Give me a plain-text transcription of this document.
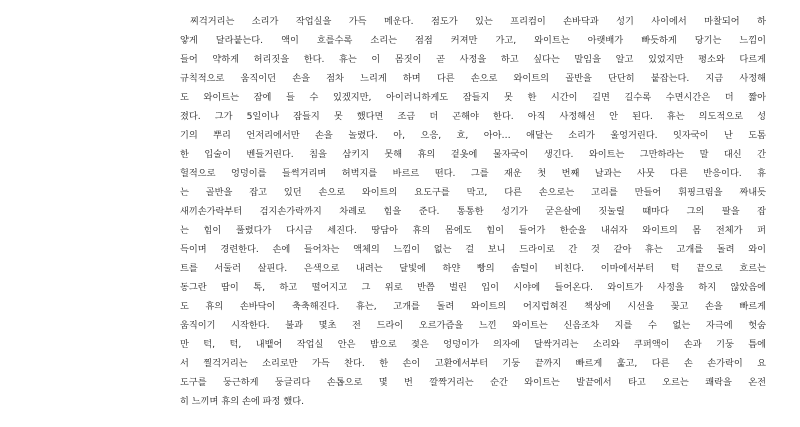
찌걱거리는 소리가 작업실을 가득 메운다. 점도가 있는 프리컴이 손바닥과 성기 사이에서 마찰되어 하
얗게 달라붙는다. 액이 흐를수록 소리는 점점 커져만 가고, 와이트는 아랫배가 빠듯하게 당기는 느낌이
들어 약하게 허리짓을 한다. 휴는 이 몸짓이 곧 사정을 하고 싶다는 말임을 알고 있었지만 평소와 다르게
규칙적으로 움직이던 손을 점차 느리게 하며 다른 손으로 와이트의 골반을 단단히 붙잡는다. 지금 사정해
도 와이트는 잠에 들 수 있겠지만, 아이러니하게도 잠들지 못 한 시간이 길면 길수록 수면시간은 더 짧아
졌다. 그가 5일이나 잠들지 못 했다면 조금 더 곤해야 한다. 아직 사정해선 안 된다. 휴는 의도적으로 성
기의 뿌리 언저리에서만 손을 놀렸다. 아, 으응, 흐, 아아… 애달는 소리가 울엉거린다. 잇자국이 난 도톰
한 입술이 벤들거린다. 침을 삼키지 못해 휴의 겉옷에 물자국이 생긴다. 와이트는 그만하라는 말 대신 간
헐적으로 엉덩이를 들썩거리며 허벅지를 바르르 떤다. 그를 재운 첫 번째 날과는 사뭇 다른 반응이다. 휴
는 골반을 잡고 있던 손으로 와이트의 요도구를 막고, 다른 손으로는 고리를 만들어 휘핑크림을 짜내듯
새끼손가락부터 검지손가락까지 차례로 힘을 준다. 통통한 성기가 굳은살에 짓눌릴 때마다 그의 팔을 잡
는 힘이 풀렸다가 다시금 세진다. 땅담아 휴의 몸에도 힘이 들어가 한순을 내쉬자 와이트의 몸 전체가 퍼
득이며 경련한다. 손에 들어차는 액체의 느낌이 없는 걸 보니 드라이로 간 것 같아 휴는 고개를 돌려 와이
트를 서둘러 살핀다. 은색으로 내려는 달빛에 하얀 빵의 솜털이 비친다. 이마에서부터 턱 끝으로 흐르는
동그란 땀이 톡, 하고 떨어지고 그 위로 반쯤 벌린 입이 시야에 들어온다. 와이트가 사정을 하지 않았음에
도 휴의 손바닥이 축축해진다. 휴는, 고개를 돌려 와이트의 어지럽혀진 책상에 시선을 꽂고 손을 빠르게
움직이기 시작한다. 불과 몇초 전 드라이 오르가즘을 느낀 와이트는 신음조차 지를 수 없는 자극에 헛숨
만 턱, 턱, 내뱉어 작업실 안은 밤으로 젖은 엉덩이가 의자에 달싹거리는 소리와 쿠퍼액이 손과 기둥 틈에
서 찔걱거리는 소리로만 가득 찬다. 한 손이 고환에서부터 기둥 끝까지 빠르게 훑고, 다른 손 손가락이 요
도구를 둥근하게 둥글리다 손톱으로 몇 번 깔짝거리는 순간 와이트는 발끝에서 타고 오르는 쾌락을 온전
히 느끼며 휴의 손에 파정 했다.
